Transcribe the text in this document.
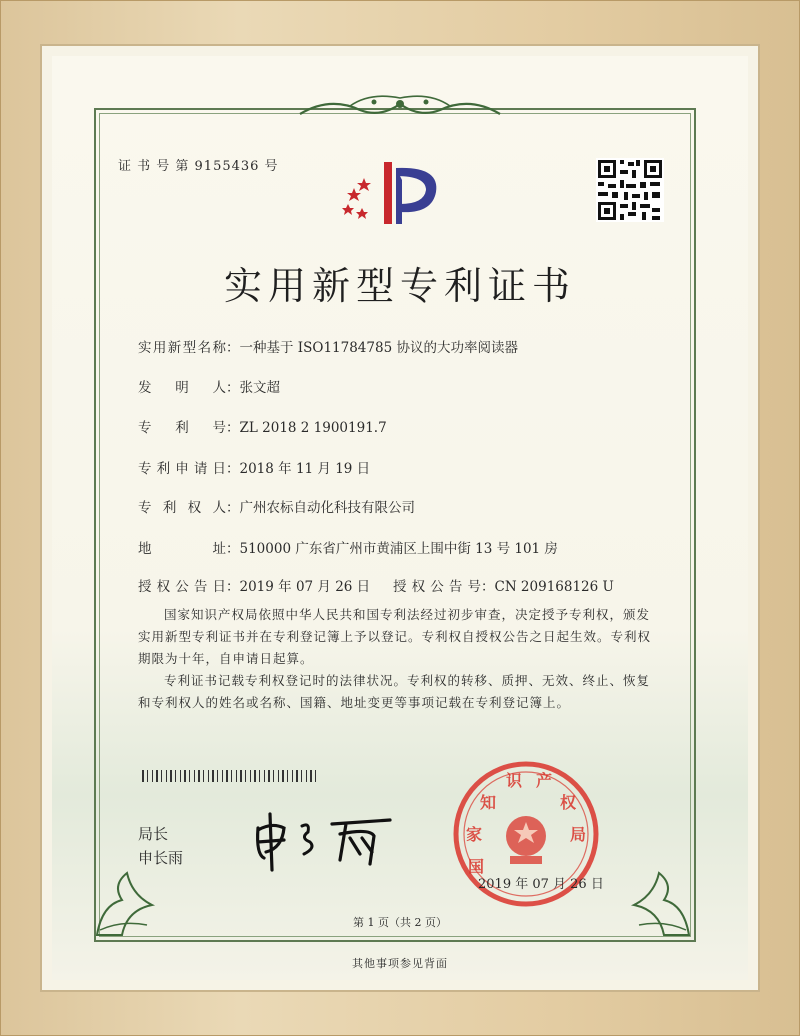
证 书 号 第 9155436 号
实用新型专利证书
实用新型名称：一种基于 ISO11784785 协议的大功率阅读器
发 明 人：张文超
专 利 号：ZL 2018 2 1900191.7
专利申请日：2018 年 11 月 19 日
专 利 权 人：广州农标自动化科技有限公司
地 址：510000 广东省广州市黄浦区上围中街 13 号 101 房
授权公告日：2019 年 07 月 26 日 授权公告号：CN 209168126 U
国家知识产权局依照中华人民共和国专利法经过初步审查，决定授予专利权，颁发实用新型专利证书并在专利登记簿上予以登记。专利权自授权公告之日起生效。专利权期限为十年，自申请日起算。
专利证书记载专利权登记时的法律状况。专利权的转移、质押、无效、终止、恢复和专利权人的姓名或名称、国籍、地址变更等事项记载在专利登记簿上。
局长
申长雨	国
家
知
识 产
权
局
2019 年 07 月 26 日
第 1 页（共 2 页）
其他事项参见背面
